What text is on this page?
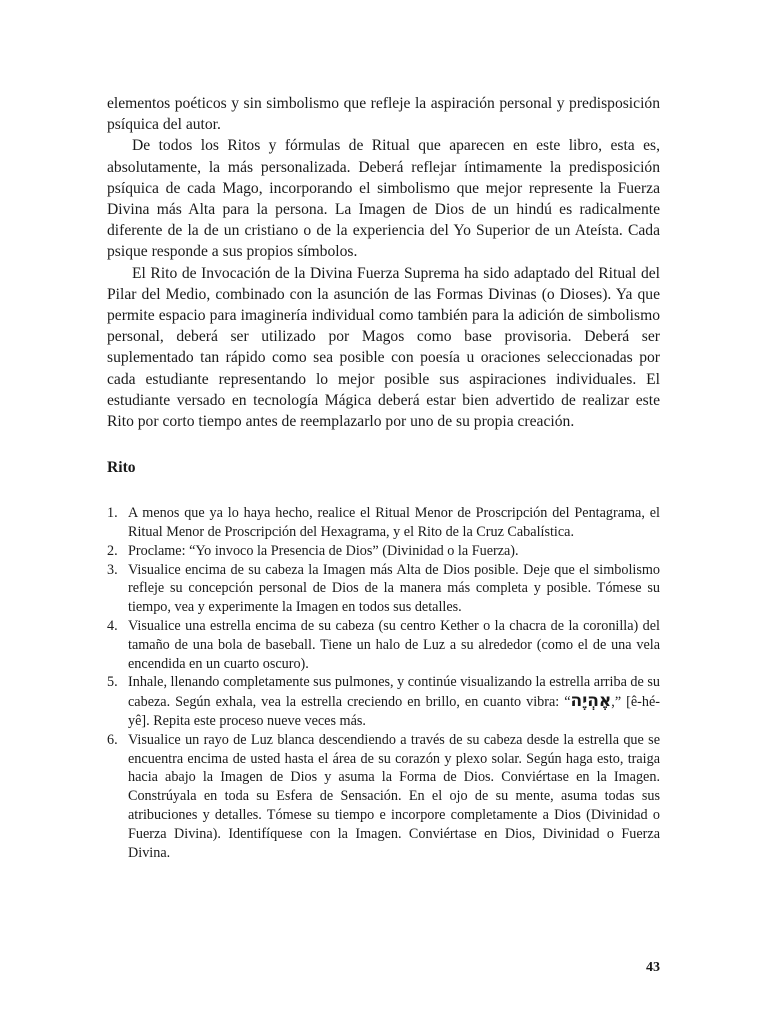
elementos poéticos y sin simbolismo que refleje la aspiración personal y predisposición psíquica del autor.

De todos los Ritos y fórmulas de Ritual que aparecen en este libro, esta es, absolutamente, la más personalizada. Deberá reflejar íntimamente la predisposición psíquica de cada Mago, incorporando el simbolismo que mejor represente la Fuerza Divina más Alta para la persona. La Imagen de Dios de un hindú es radicalmente diferente de la de un cristiano o de la experiencia del Yo Superior de un Ateísta. Cada psique responde a sus propios símbolos.

El Rito de Invocación de la Divina Fuerza Suprema ha sido adaptado del Ritual del Pilar del Medio, combinado con la asunción de las Formas Divinas (o Dioses). Ya que permite espacio para imaginería individual como también para la adición de simbolismo personal, deberá ser utilizado por Magos como base provisoria. Deberá ser suplementado tan rápido como sea posible con poesía u oraciones seleccionadas por cada estudiante representando lo mejor posible sus aspiraciones individuales. El estudiante versado en tecnología Mágica deberá estar bien advertido de realizar este Rito por corto tiempo antes de reemplazarlo por uno de su propia creación.

Rito
1. A menos que ya lo haya hecho, realice el Ritual Menor de Proscripción del Pentagrama, el Ritual Menor de Proscripción del Hexagrama, y el Rito de la Cruz Cabalística.
2. Proclame: “Yo invoco la Presencia de Dios” (Divinidad o la Fuerza).
3. Visualice encima de su cabeza la Imagen más Alta de Dios posible. Deje que el simbolismo refleje su concepción personal de Dios de la manera más completa y posible. Tómese su tiempo, vea y experimente la Imagen en todos sus detalles.
4. Visualice una estrella encima de su cabeza (su centro Kether o la chacra de la coronilla) del tamaño de una bola de baseball. Tiene un halo de Luz a su alrededor (como el de una vela encendida en un cuarto oscuro).
5. Inhale, llenando completamente sus pulmones, y continúe visualizando la estrella arriba de su cabeza. Según exhala, vea la estrella creciendo en brillo, en cuanto vibra: “אֶהְיֶה,” [ê-hé-yê]. Repita este proceso nueve veces más.
6. Visualice un rayo de Luz blanca descendiendo a través de su cabeza desde la estrella que se encuentra encima de usted hasta el área de su corazón y plexo solar. Según haga esto, traiga hacia abajo la Imagen de Dios y asuma la Forma de Dios. Conviértase en la Imagen. Constrúyala en toda su Esfera de Sensación. En el ojo de su mente, asuma todas sus atribuciones y detalles. Tómese su tiempo e incorpore completamente a Dios (Divinidad o Fuerza Divina). Identifíquese con la Imagen. Conviértase en Dios, Divinidad o Fuerza Divina.
43
